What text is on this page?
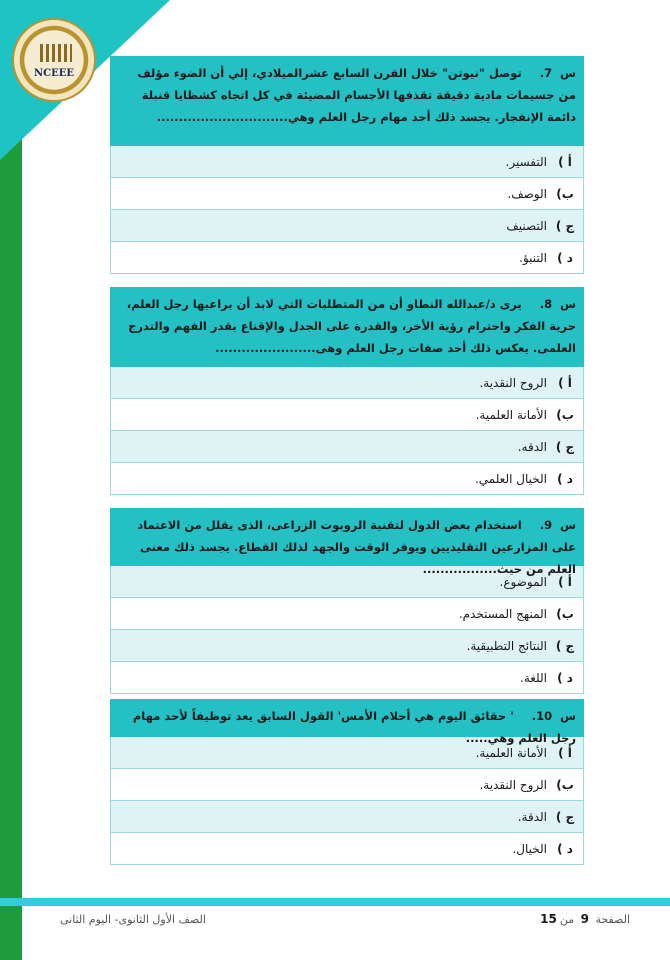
NCEEE	س7.
توصل "نيوتن" خلال القرن السابع عشرالميلادي، إلي أن الضوء مؤلف من جسيمات مادية دقيقة تقذفها الأجسام المضيئة في كل اتجاه كشظايا قنبلة دائمة الإنفجار. يجسد ذلك أحد مهام رجل العلم وهي..............................
أ )
التفسير.
ب)
الوصف.
ج )
التصنيف
د )
التنبؤ.
س8.
يرى د/عبدالله النطاو أن من المتطلبات التي لابد أن يراعيها رجل العلم، حرية الفكر واحترام رؤية الأخر، والقدرة على الجدل والإقناع بقدر الفهم والتدرج العلمى. يعكس ذلك أحد صفات رجل العلم وهى.......................
أ )
الروح النقدية.
ب)
الأمانة العلمية.
ج )
الدقه.
د )
الخيال العلمي.
س9.
استخدام بعض الدول لتقنية الروبوت الزراعى، الذى يقلل من الاعتماد على المزارعين التقليديين ويوفر الوقت والجهد لذلك القطاع. يجسد ذلك معنى العلم من حيث.................
أ )
الموضوع.
ب)
المنهج المستخدم.
ج )
النتائج التطبيقية.
د )
اللغة.
س10.
' حقائق اليوم هي أحلام الأمس' القول السابق يعد توظيفاً لأحد مهام رجل العلم وهي.....
أ )
الأمانة العلمية.
ب)
الروح النقدية.
ج )
الدقة.
د )
الخيال.
الصفحة 9 من15
الصف الأول الثانوى- اليوم الثانى
